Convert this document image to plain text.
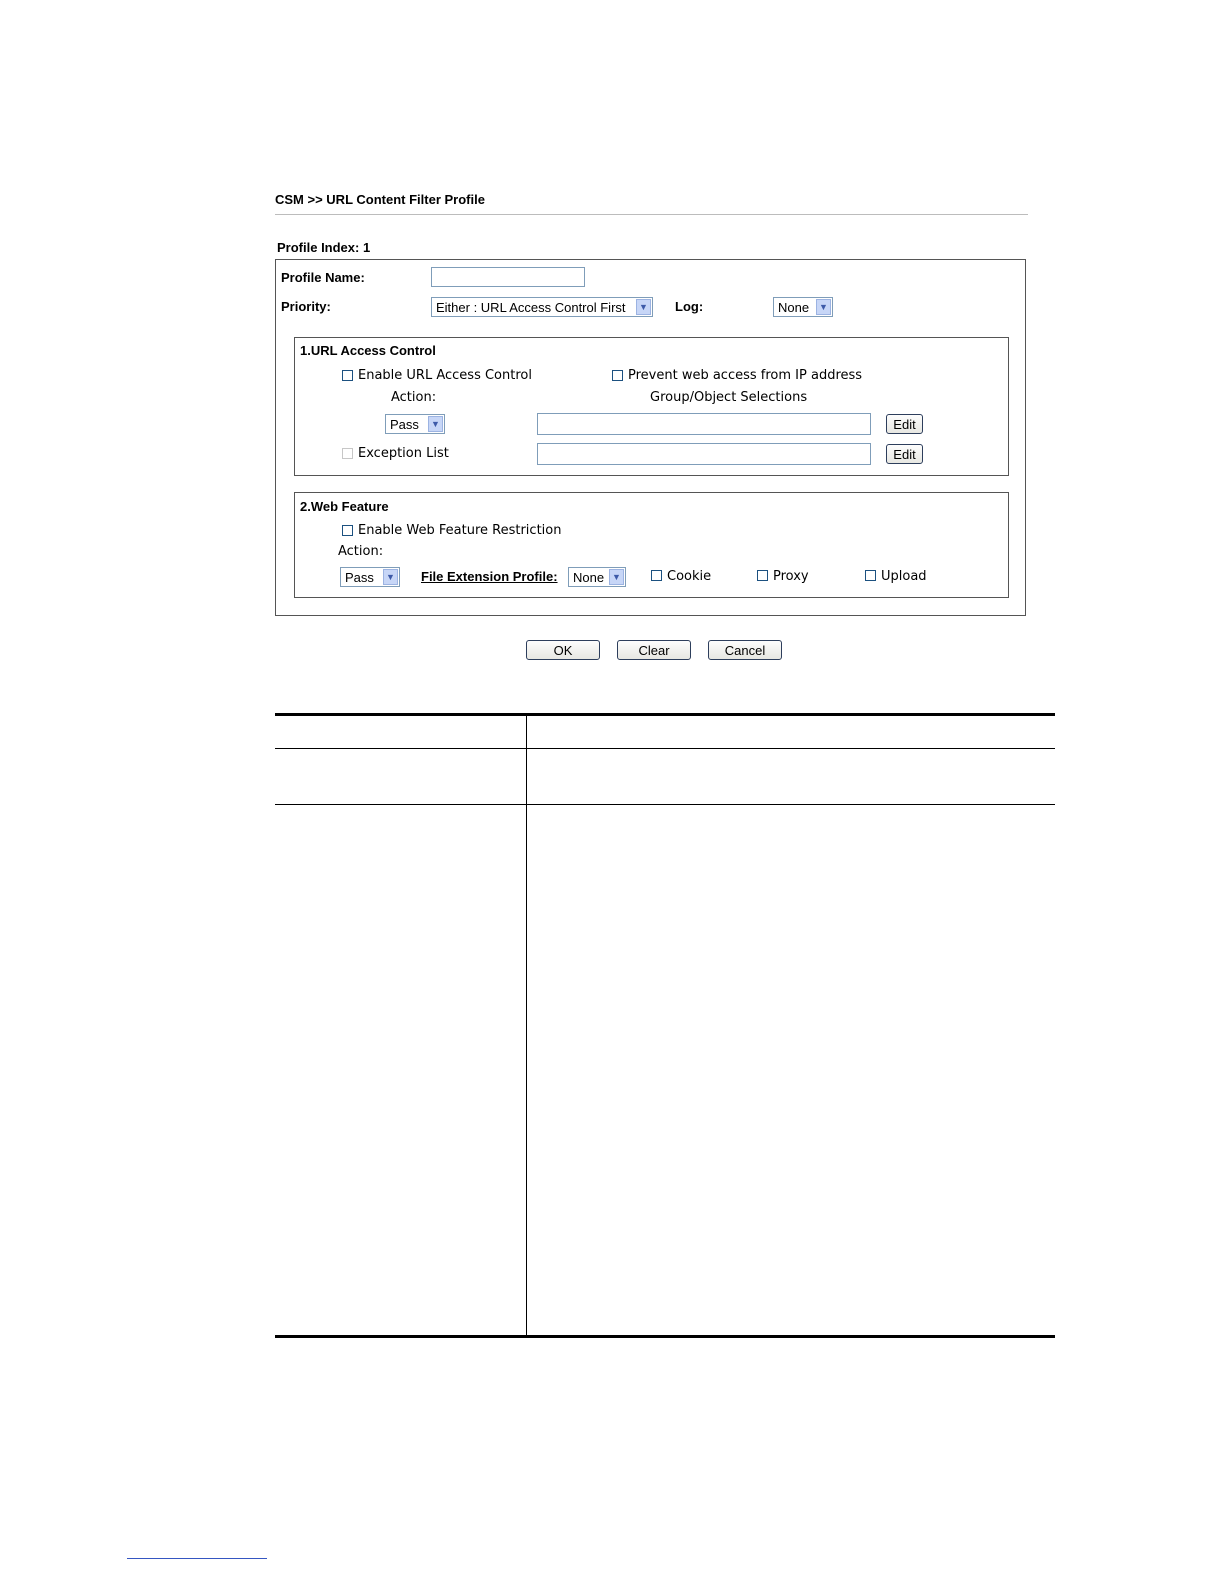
CSM >> URL Content Filter Profile
Profile Index: 1
Profile Name:
Priority:	Either : URL Access Control First	▼ Log:	None	▼
1.URL Access Control
Enable URL Access Control	Prevent web access from IP address
Action:	Group/Object Selections
Pass	▼	Edit
Exception List	Edit
2.Web Feature
Enable Web Feature Restriction
Action:
Pass	▼ File Extension Profile: None ▼	Cookie	Proxy	Upload
OK	Clear	Cancel
